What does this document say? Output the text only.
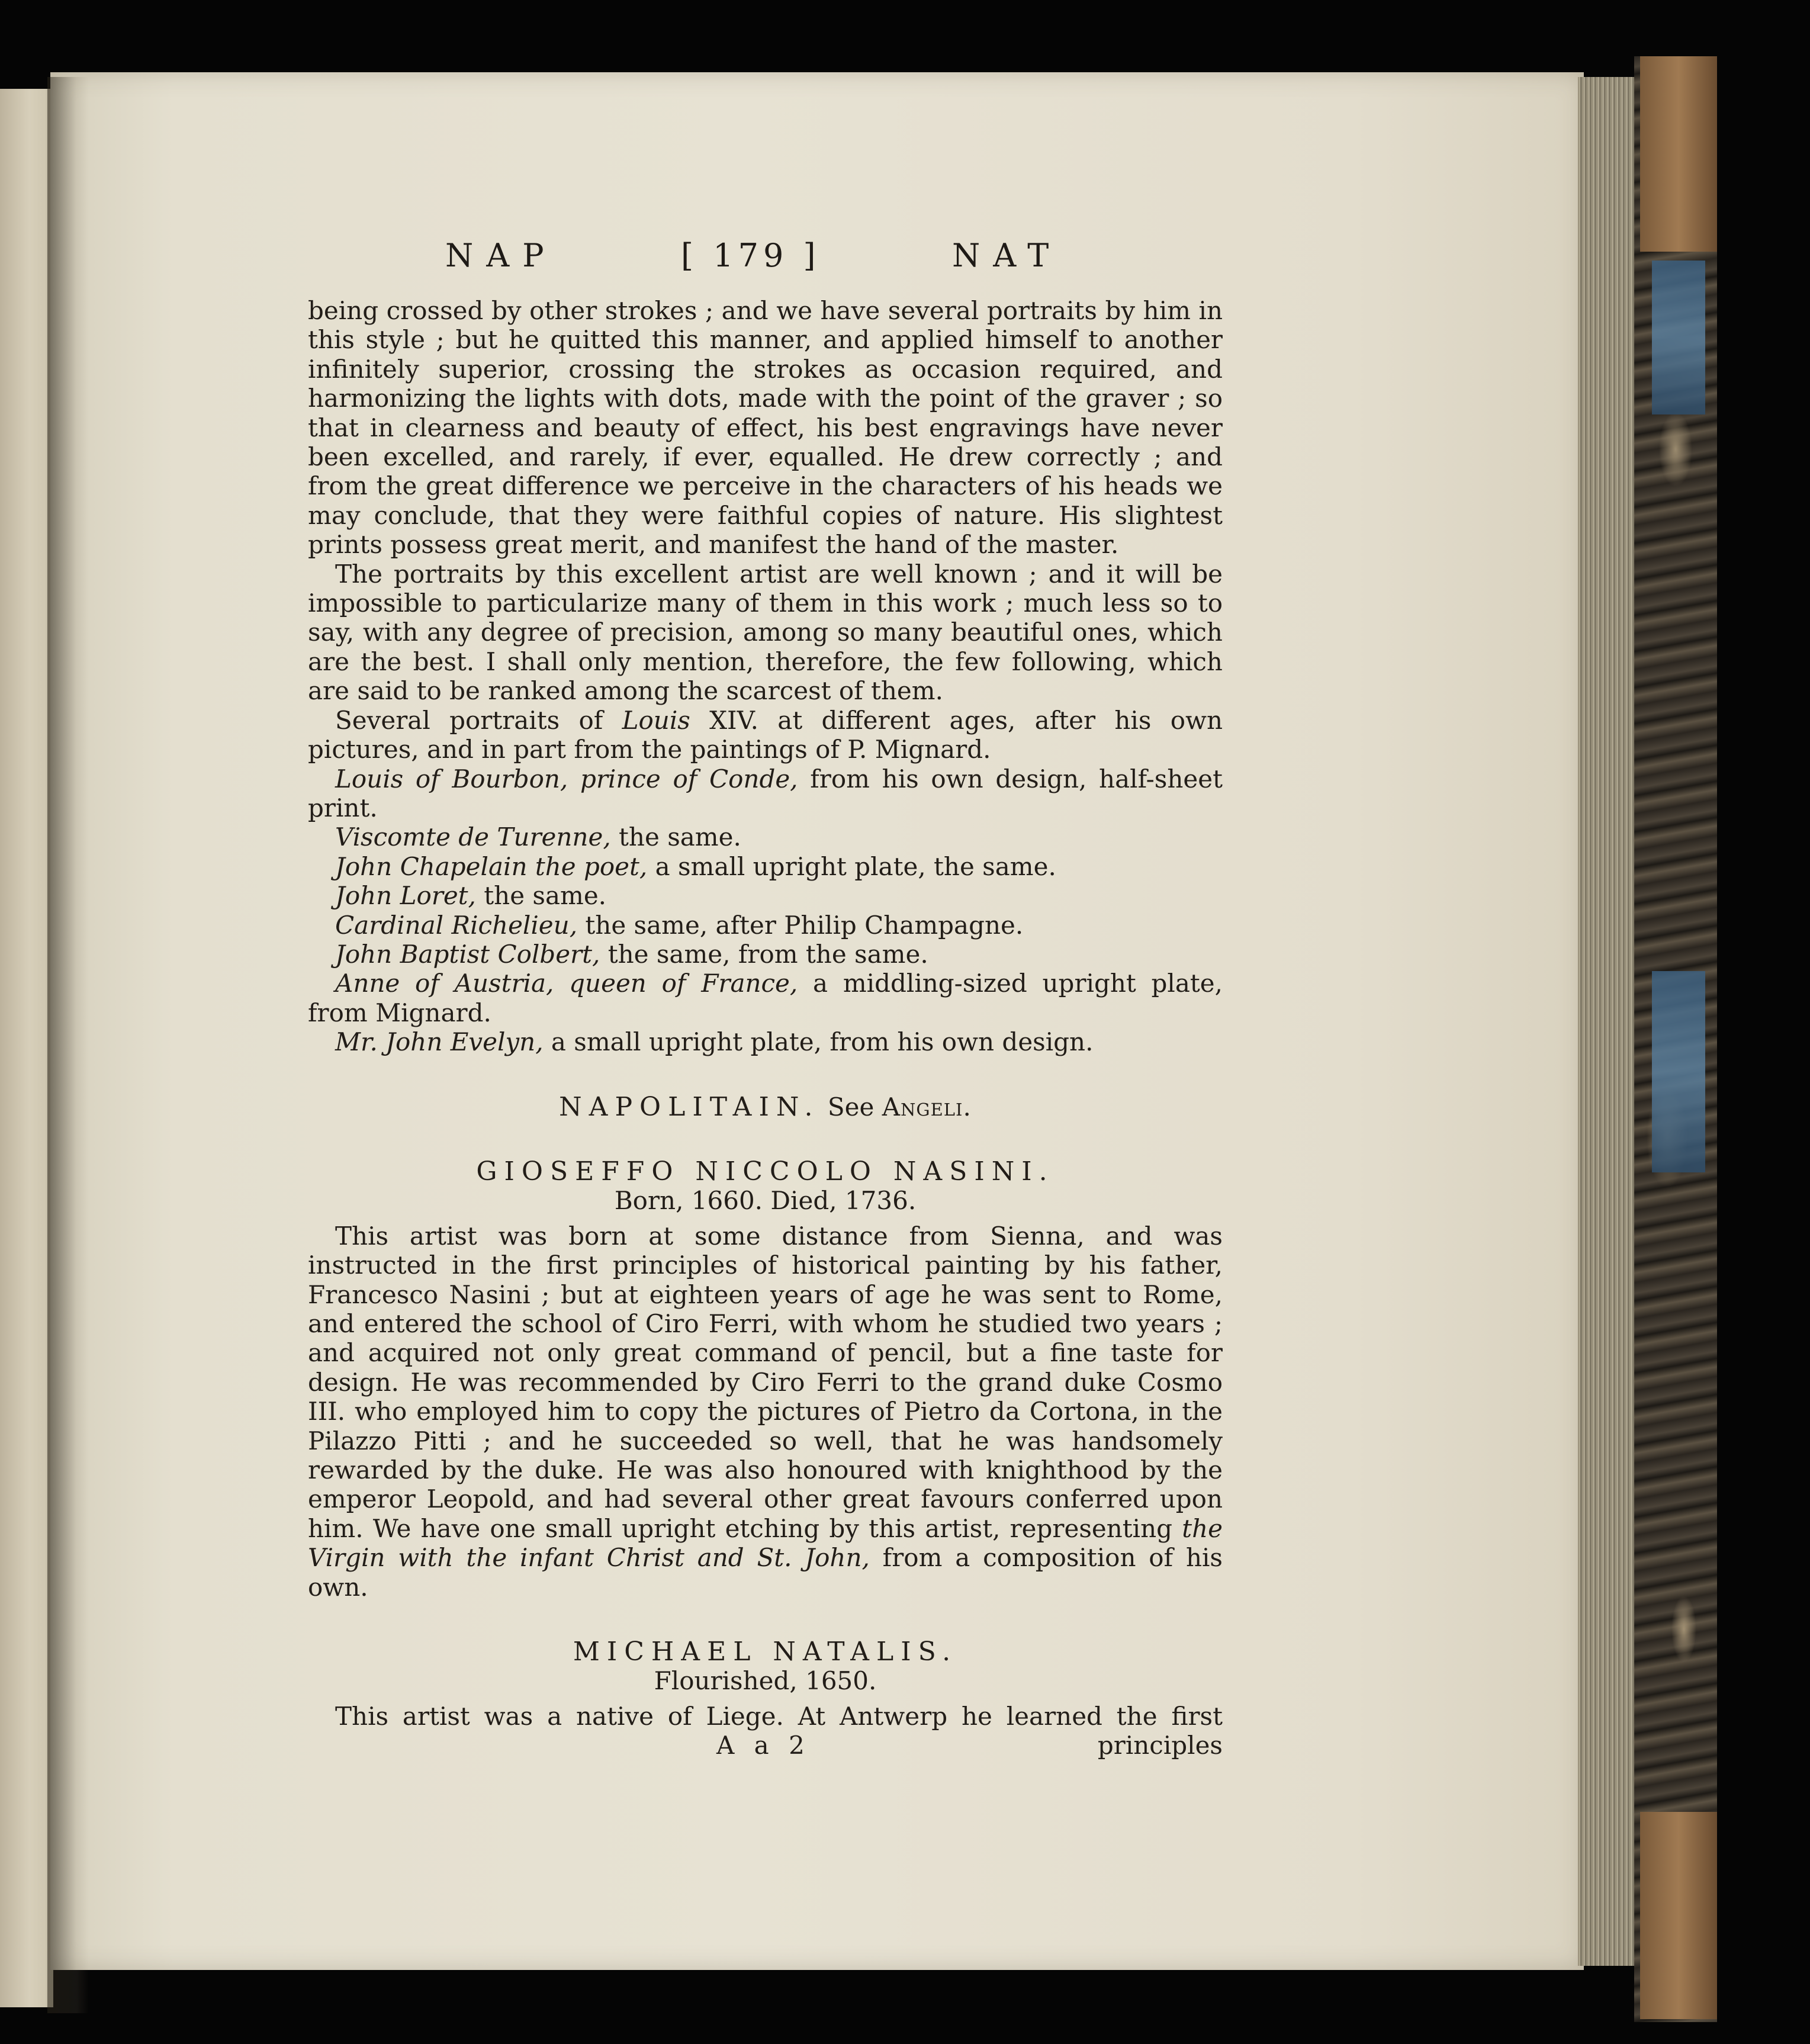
NAP	[ 179 ]	NAT

being crossed by other strokes ; and we have several portraits by him in this style ; but he quitted this manner, and applied himself to another infinitely superior, crossing the strokes as occasion required, and harmonizing the lights with dots, made with the point of the graver ; so that in clearness and beauty of effect, his best engravings have never been excelled, and rarely, if ever, equalled. He drew correctly ; and from the great difference we perceive in the characters of his heads we may conclude, that they were faithful copies of nature. His slightest prints possess great merit, and manifest the hand of the master.

The portraits by this excellent artist are well known ; and it will be impossible to particularize many of them in this work ; much less so to say, with any degree of precision, among so many beautiful ones, which are the best. I shall only mention, therefore, the few following, which are said to be ranked among the scarcest of them.

Several portraits of Louis XIV. at different ages, after his own pictures, and in part from the paintings of P. Mignard.

Louis of Bourbon, prince of Conde, from his own design, half-sheet print.

Viscomte de Turenne, the same.

John Chapelain the poet, a small upright plate, the same.

John Loret, the same.

Cardinal Richelieu, the same, after Philip Champagne.

John Baptist Colbert, the same, from the same.

Anne of Austria, queen of France, a middling-sized upright plate, from Mignard.

Mr. John Evelyn, a small upright plate, from his own design.

NAPOLITAIN. See Angeli.

GIOSEFFO NICCOLO NASINI.

Born, 1660. Died, 1736.

This artist was born at some distance from Sienna, and was instructed in the first principles of historical painting by his father, Francesco Nasini ; but at eighteen years of age he was sent to Rome, and entered the school of Ciro Ferri, with whom he studied two years ; and acquired not only great command of pencil, but a fine taste for design. He was recommended by Ciro Ferri to the grand duke Cosmo III. who employed him to copy the pictures of Pietro da Cortona, in the Pilazzo Pitti ; and he succeeded so well, that he was handsomely rewarded by the duke. He was also honoured with knighthood by the emperor Leopold, and had several other great favours conferred upon him. We have one small upright etching by this artist, representing the Virgin with the infant Christ and St. John, from a composition of his own.

MICHAEL NATALIS.

Flourished, 1650.

This artist was a native of Liege. At Antwerp he learned the first

A a 2	principles
